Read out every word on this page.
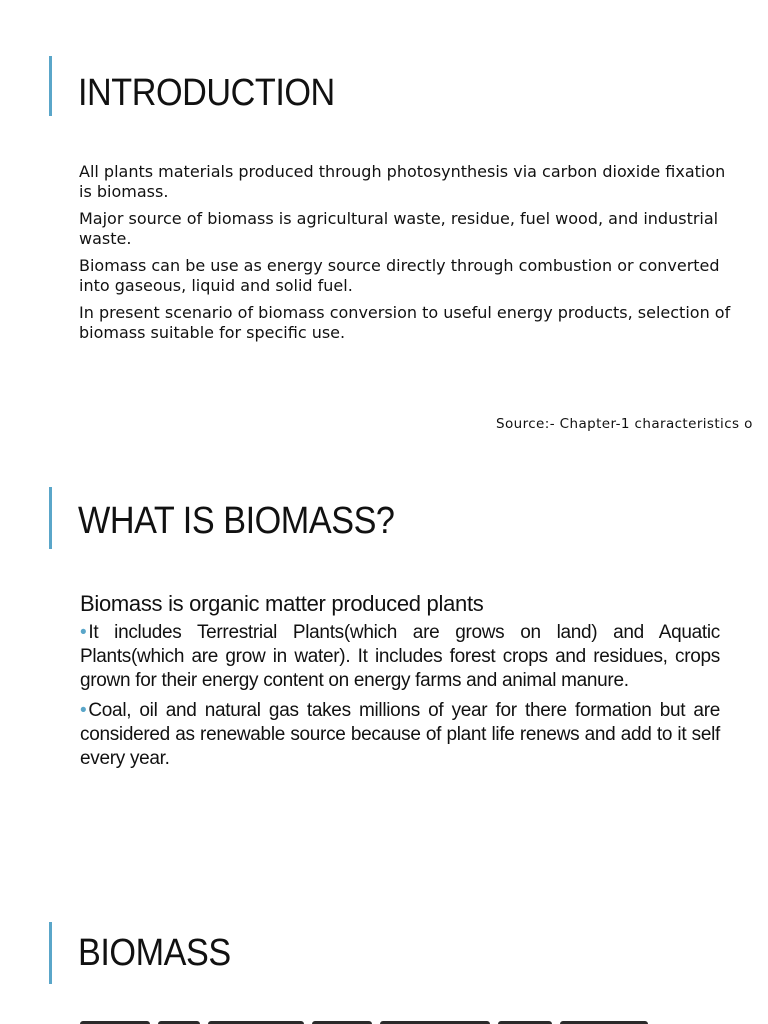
INTRODUCTION

All plants materials produced through photosynthesis via carbon dioxide fixation is biomass.

Major source of biomass is agricultural waste, residue, fuel wood, and industrial waste.

Biomass can be use as energy source directly through combustion or converted into gaseous, liquid and solid fuel.

In present scenario of biomass conversion to useful energy products, selection of biomass suitable for specific use.

Source:- Chapter-1 characteristics o
WHAT IS BIOMASS?

Biomass is organic matter produced plants

• It includes Terrestrial Plants(which are grows on land) and Aquatic Plants(which are grow in water). It includes forest crops and residues, crops grown for their energy content on energy farms and animal manure.

• Coal, oil and natural gas takes millions of year for there formation but are considered as renewable source because of plant life renews and add to it self every year.

BIOMASS
